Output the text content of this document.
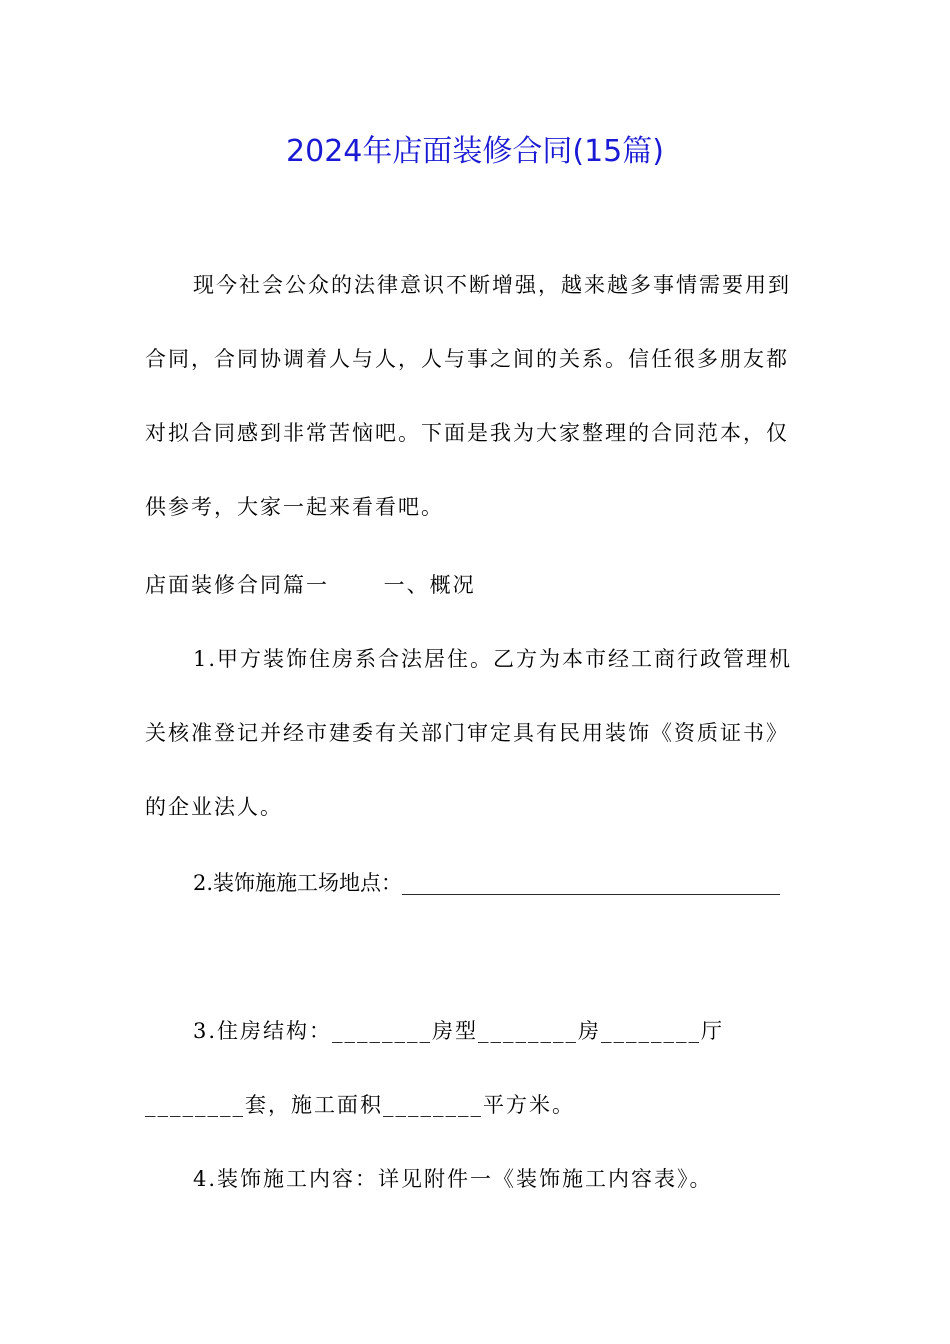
2024年店面装修合同(15篇)

现今社会公众的法律意识不断增强，越来越多事情需要用到合同，合同协调着人与人，人与事之间的关系。信任很多朋友都对拟合同感到非常苦恼吧。下面是我为大家整理的合同范本，仅供参考，大家一起来看看吧。

店面装修合同篇一　　 一、概况

1.甲方装饰住房系合法居住。乙方为本市经工商行政管理机关核准登记并经市建委有关部门审定具有民用装饰《资质证书》的企业法人。

2.装饰施施工场地点：____________________________________

3.住房结构：________房型________房________厅________套，施工面积________平方米。

4.装饰施工内容：详见附件一《装饰施工内容表》。
